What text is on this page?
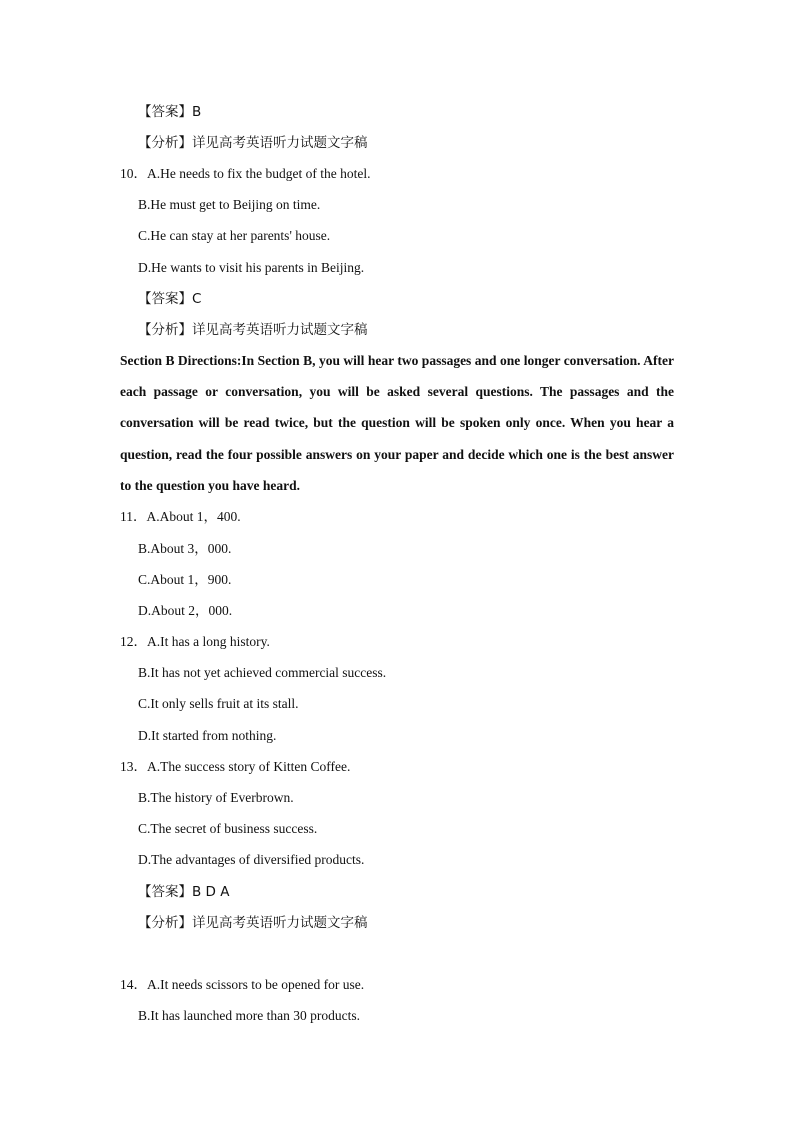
【答案】B
【分析】详见高考英语听力试题文字稿
10．A.He needs to fix the budget of the hotel.
B.He must get to Beijing on time.
C.He can stay at her parents' house.
D.He wants to visit his parents in Beijing.
【答案】C
【分析】详见高考英语听力试题文字稿
Section B Directions:In Section B, you will hear two passages and one longer conversation. After each passage or conversation, you will be asked several questions. The passages and the conversation will be read twice, but the question will be spoken only once. When you hear a question, read the four possible answers on your paper and decide which one is the best answer to the question you have heard.
11．A.About 1，400.
B.About 3，000.
C.About 1，900.
D.About 2，000.
12．A.It has a long history.
B.It has not yet achieved commercial success.
C.It only sells fruit at its stall.
D.It started from nothing.
13．A.The success story of Kitten Coffee.
B.The history of Everbrown.
C.The secret of business success.
D.The advantages of diversified products.
【答案】B D A
【分析】详见高考英语听力试题文字稿
14．A.It needs scissors to be opened for use.
B.It has launched more than 30 products.
